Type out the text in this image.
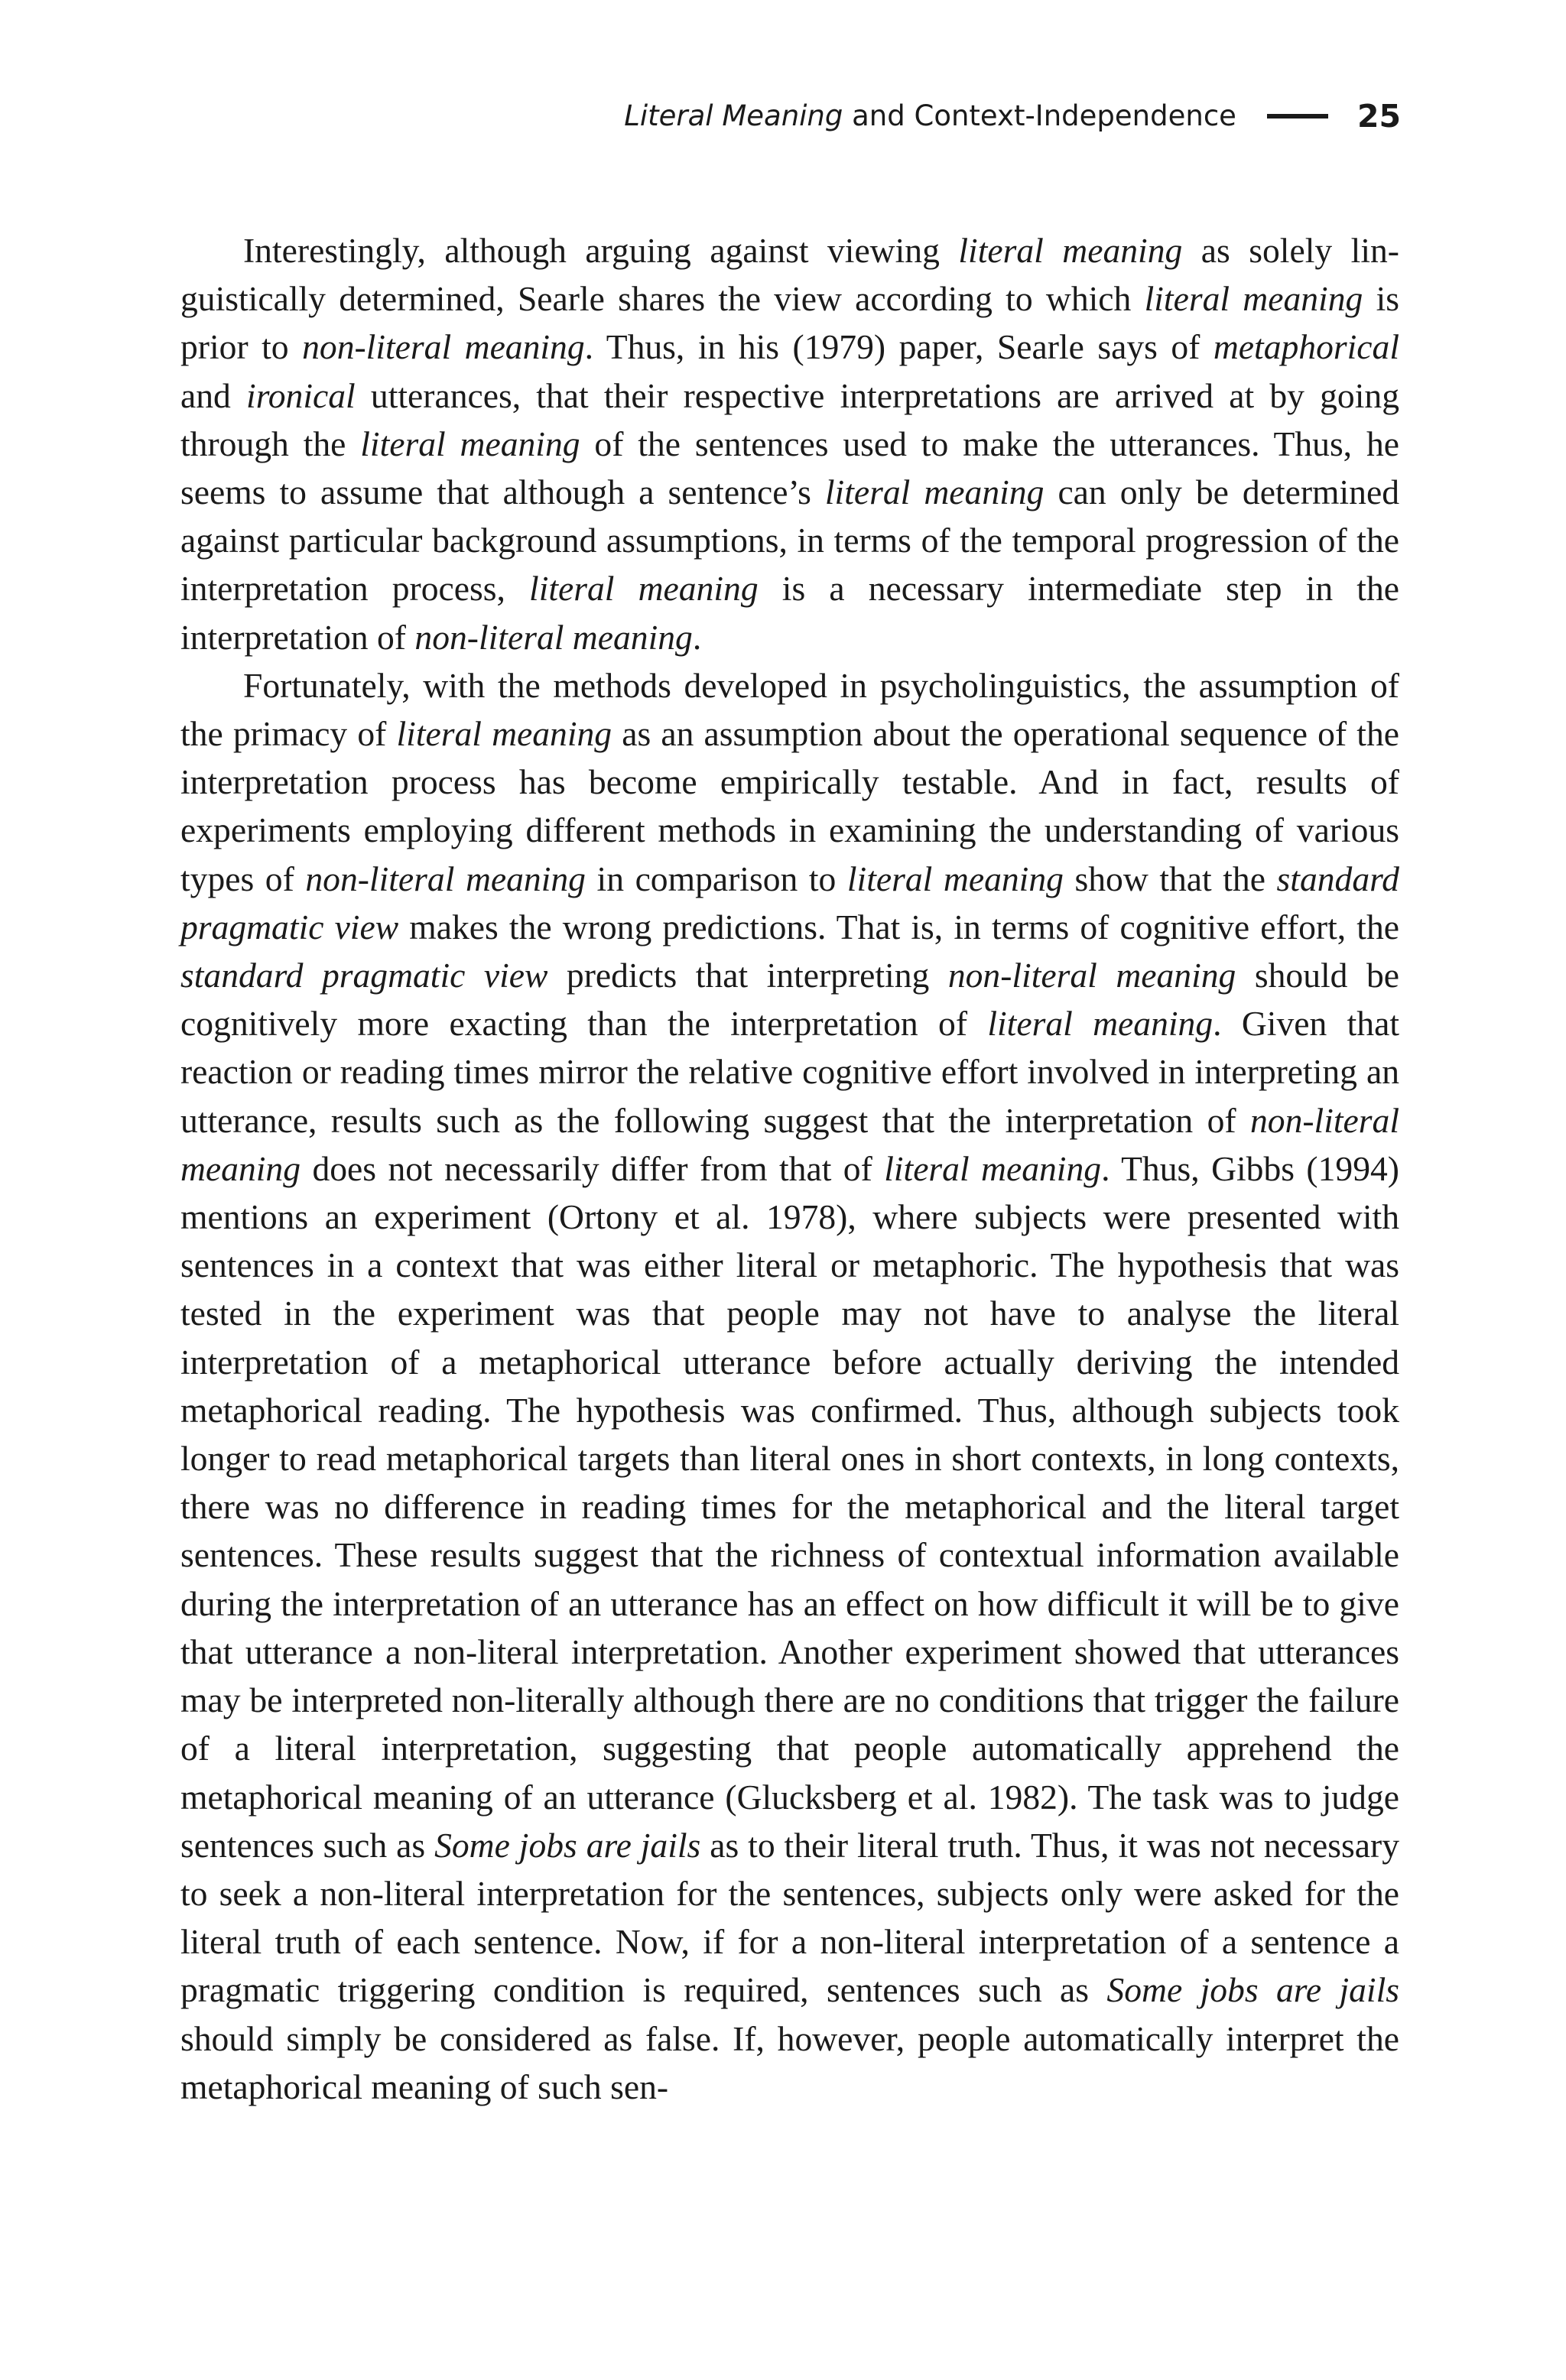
Literal Meaning and Context-Independence	25

Interestingly, although arguing against viewing literal meaning as solely linguistically determined, Searle shares the view according to which literal meaning is prior to non-literal meaning. Thus, in his (1979) paper, Searle says of metaphorical and ironical utterances, that their respective interpretations are arrived at by going through the literal meaning of the sentences used to make the utterances. Thus, he seems to assume that although a sentence’s literal meaning can only be determined against particular background assumptions, in terms of the temporal progression of the interpretation process, literal meaning is a necessary intermediate step in the interpretation of non-literal meaning.

Fortunately, with the methods developed in psycholinguistics, the assumption of the primacy of literal meaning as an assumption about the operational sequence of the interpretation process has become empirically testable. And in fact, results of experiments employing different methods in examining the understanding of various types of non-literal meaning in comparison to literal meaning show that the standard pragmatic view makes the wrong predictions. That is, in terms of cognitive effort, the standard pragmatic view predicts that interpreting non-literal meaning should be cognitively more exacting than the interpretation of literal meaning. Given that reaction or reading times mirror the relative cognitive effort involved in interpreting an utterance, results such as the following suggest that the interpretation of non-literal meaning does not necessarily differ from that of literal meaning. Thus, Gibbs (1994) mentions an experiment (Ortony et al. 1978), where subjects were presented with sentences in a context that was either literal or metaphoric. The hypothesis that was tested in the experiment was that people may not have to analyse the literal interpretation of a metaphorical utterance before actually deriving the intended metaphorical reading. The hypothesis was confirmed. Thus, although subjects took longer to read metaphorical targets than literal ones in short contexts, in long contexts, there was no difference in reading times for the metaphorical and the literal target sentences. These results suggest that the richness of contextual information available during the interpretation of an utterance has an effect on how difficult it will be to give that utterance a non-literal interpretation. Another experiment showed that utterances may be interpreted non-literally although there are no conditions that trigger the failure of a literal interpretation, suggesting that people automatically apprehend the metaphorical meaning of an utterance (Glucksberg et al. 1982). The task was to judge sentences such as Some jobs are jails as to their literal truth. Thus, it was not necessary to seek a non-literal interpretation for the sentences, subjects only were asked for the literal truth of each sentence. Now, if for a non-literal interpretation of a sentence a pragmatic triggering condition is required, sentences such as Some jobs are jails should simply be considered as false. If, however, people automatically interpret the metaphorical meaning of such sen-
